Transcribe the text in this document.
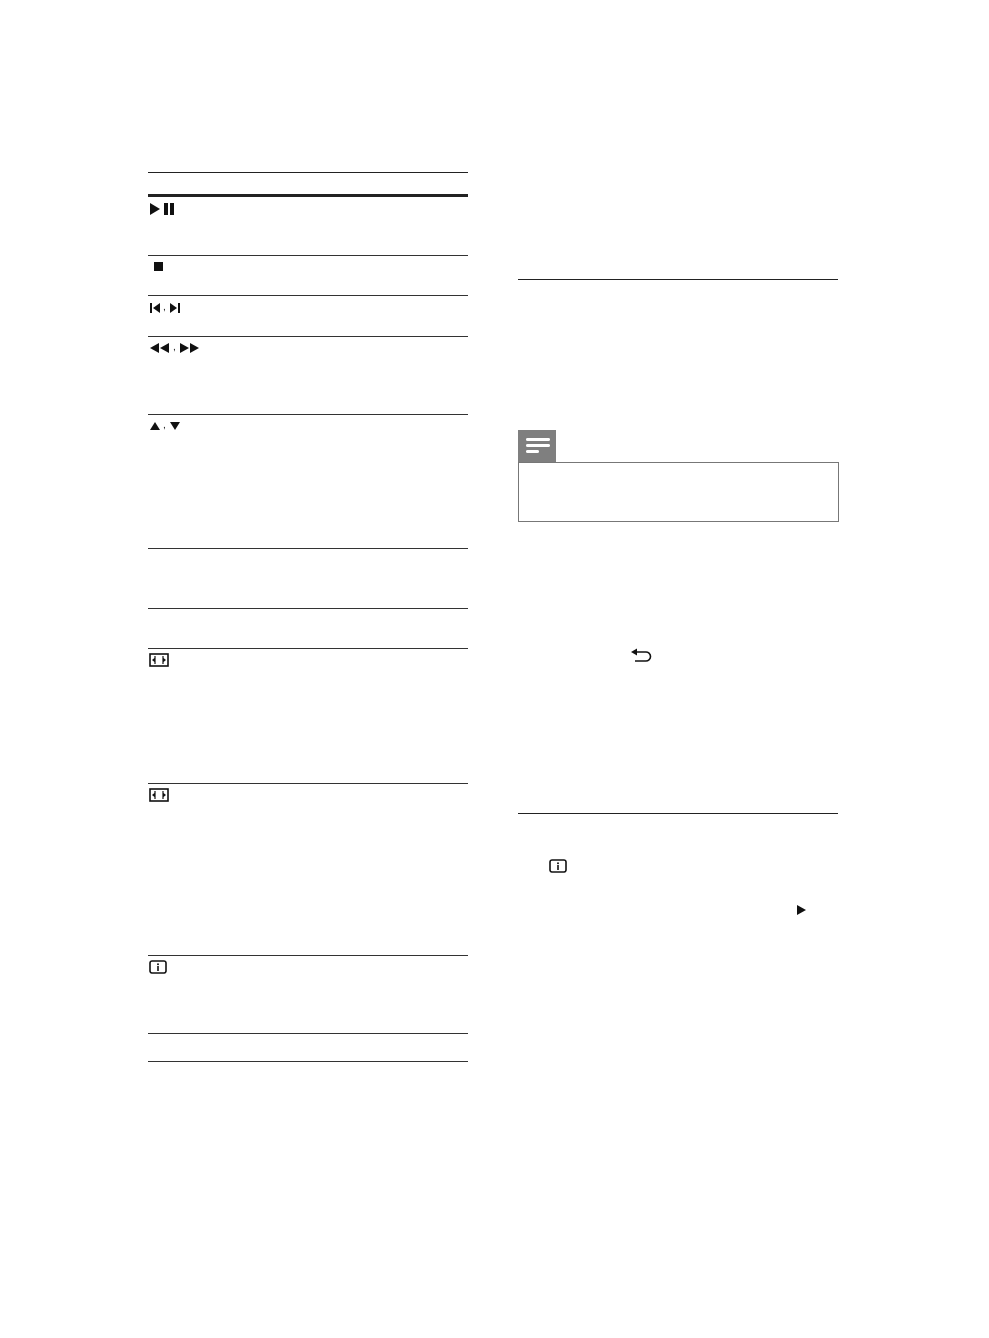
,
,
,
